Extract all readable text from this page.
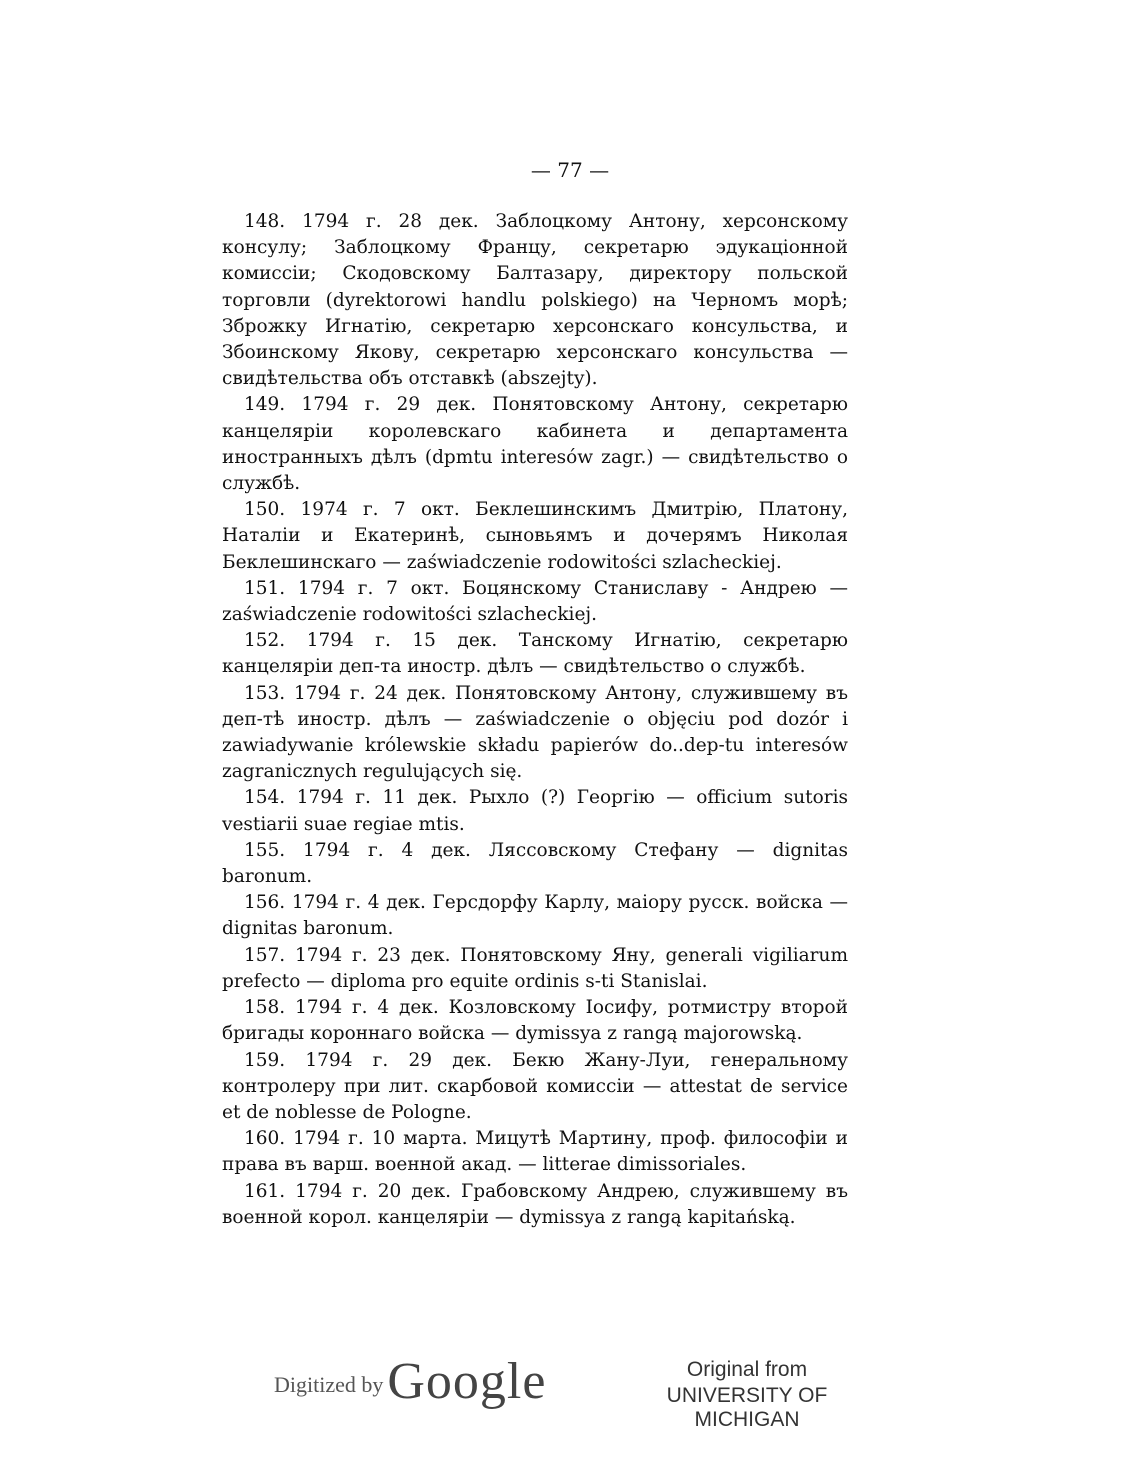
— 77 —

148. 1794 г. 28 дек. Заблоцкому Антону, херсонскому консулу; Заблоцкому Францу, секретарю эдукаціонной комиссіи; Скодовскому Балтазару, директору польской торговли (dyrektorowi handlu polskiego) на Черномъ морѣ; Зброжку Игнатію, секретарю херсонскаго консульства, и Збоинскому Якову, секретарю херсонскаго консульства — свидѣтельства объ отставкѣ (abszejty).

149. 1794 г. 29 дек. Понятовскому Антону, секретарю канцеляріи королевскаго кабинета и департамента иностранныхъ дѣлъ (dpmtu interesów zagr.) — свидѣтельство о службѣ.

150. 1974 г. 7 окт. Беклешинскимъ Дмитрію, Платону, Наталіи и Екатеринѣ, сыновьямъ и дочерямъ Николая Беклешинскаго — zaświadczenie rodowitości szlacheckiej.

151. 1794 г. 7 окт. Боцянскому Станиславу - Андрею — zaświadczenie rodowitości szlacheckiej.

152. 1794 г. 15 дек. Танскому Игнатію, секретарю канцеляріи деп-та иностр. дѣлъ — свидѣтельство о службѣ.

153. 1794 г. 24 дек. Понятовскому Антону, служившему въ деп-тѣ иностр. дѣлъ — zaświadczenie o objęciu pod dozór i zawiadywanie królewskie składu papierów do..dep-tu interesów zagranicznych regulujących się.

154. 1794 г. 11 дек. Рыхло (?) Георгію — officium sutoris vestiarii suae regiae mtis.

155. 1794 г. 4 дек. Ляссовскому Стефану — dignitas baronum.

156. 1794 г. 4 дек. Герсдорфу Карлу, маіору русск. войска — dignitas baronum.

157. 1794 г. 23 дек. Понятовскому Яну, generali vigiliarum prefecto — diploma pro equite ordinis s-ti Stanislai.

158. 1794 г. 4 дек. Козловскому Іосифу, ротмистру второй бригады короннаго войска — dymissya z rangą majorowską.

159. 1794 г. 29 дек. Бекю Жану-Луи, генеральному контролеру при лит. скарбовой комиссіи — attestat de service et de noblesse de Pologne.

160. 1794 г. 10 марта. Мицутѣ Мартину, проф. философіи и права въ варш. военной акад. — litterae dimissoriales.

161. 1794 г. 20 дек. Грабовскому Андрею, служившему въ военной корол. канцеляріи — dymissya z rangą kapitańską.

Digitized by Google	Original from
UNIVERSITY OF MICHIGAN
